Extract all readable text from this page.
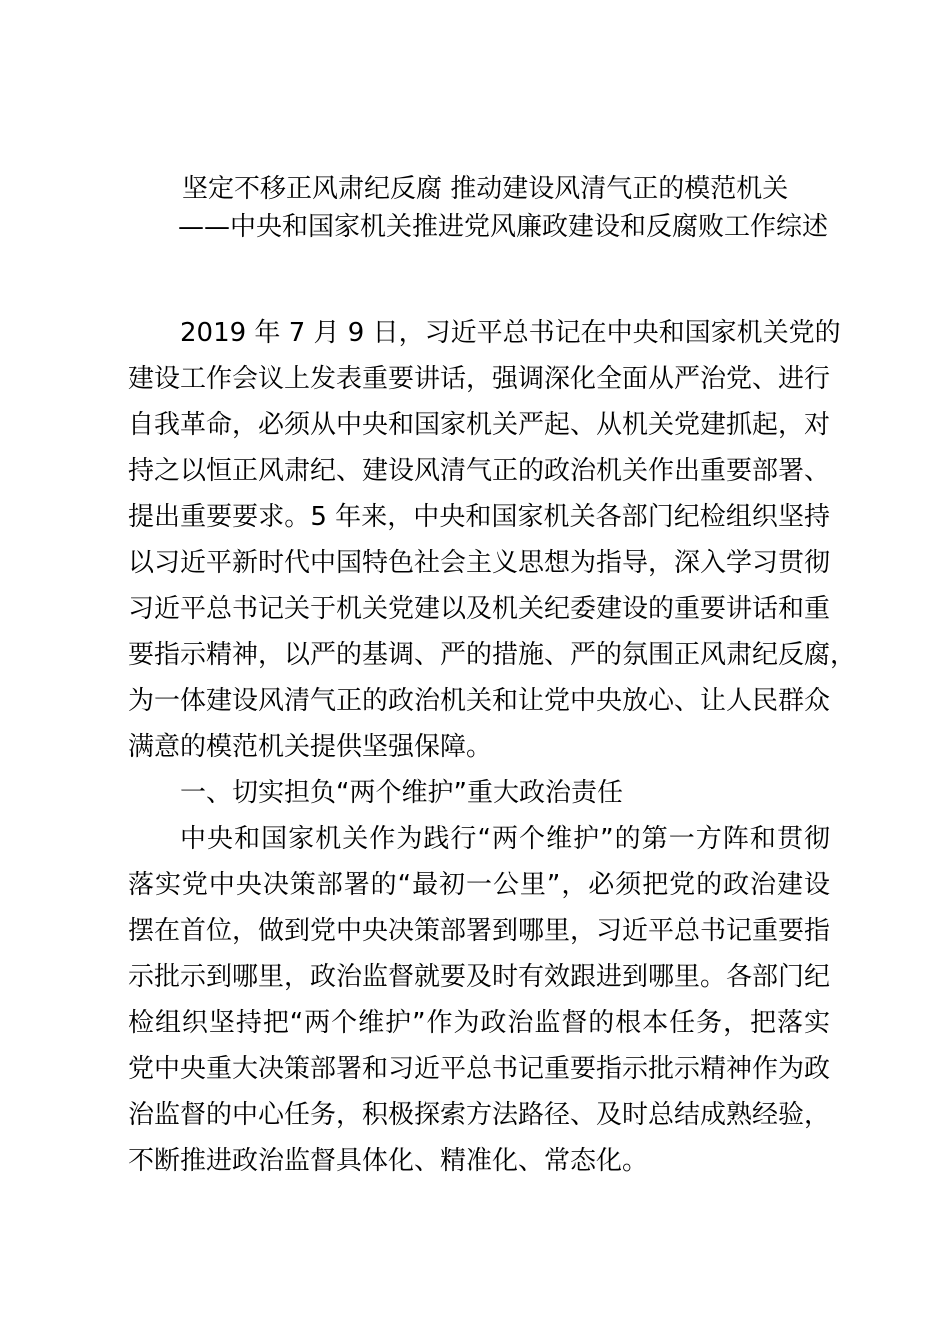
坚定不移正风肃纪反腐 推动建设风清气正的模范机关
——中央和国家机关推进党风廉政建设和反腐败工作综述
2019 年 7 月 9 日，习近平总书记在中央和国家机关党的
建设工作会议上发表重要讲话，强调深化全面从严治党、进行
自我革命，必须从中央和国家机关严起、从机关党建抓起，对
持之以恒正风肃纪、建设风清气正的政治机关作出重要部署、
提出重要要求。5 年来，中央和国家机关各部门纪检组织坚持
以习近平新时代中国特色社会主义思想为指导，深入学习贯彻
习近平总书记关于机关党建以及机关纪委建设的重要讲话和重
要指示精神，以严的基调、严的措施、严的氛围正风肃纪反腐，
为一体建设风清气正的政治机关和让党中央放心、让人民群众
满意的模范机关提供坚强保障。
一、切实担负“两个维护”重大政治责任
中央和国家机关作为践行“两个维护”的第一方阵和贯彻
落实党中央决策部署的“最初一公里”，必须把党的政治建设
摆在首位，做到党中央决策部署到哪里，习近平总书记重要指
示批示到哪里，政治监督就要及时有效跟进到哪里。各部门纪
检组织坚持把“两个维护”作为政治监督的根本任务，把落实
党中央重大决策部署和习近平总书记重要指示批示精神作为政
治监督的中心任务，积极探索方法路径、及时总结成熟经验，
不断推进政治监督具体化、精准化、常态化。
